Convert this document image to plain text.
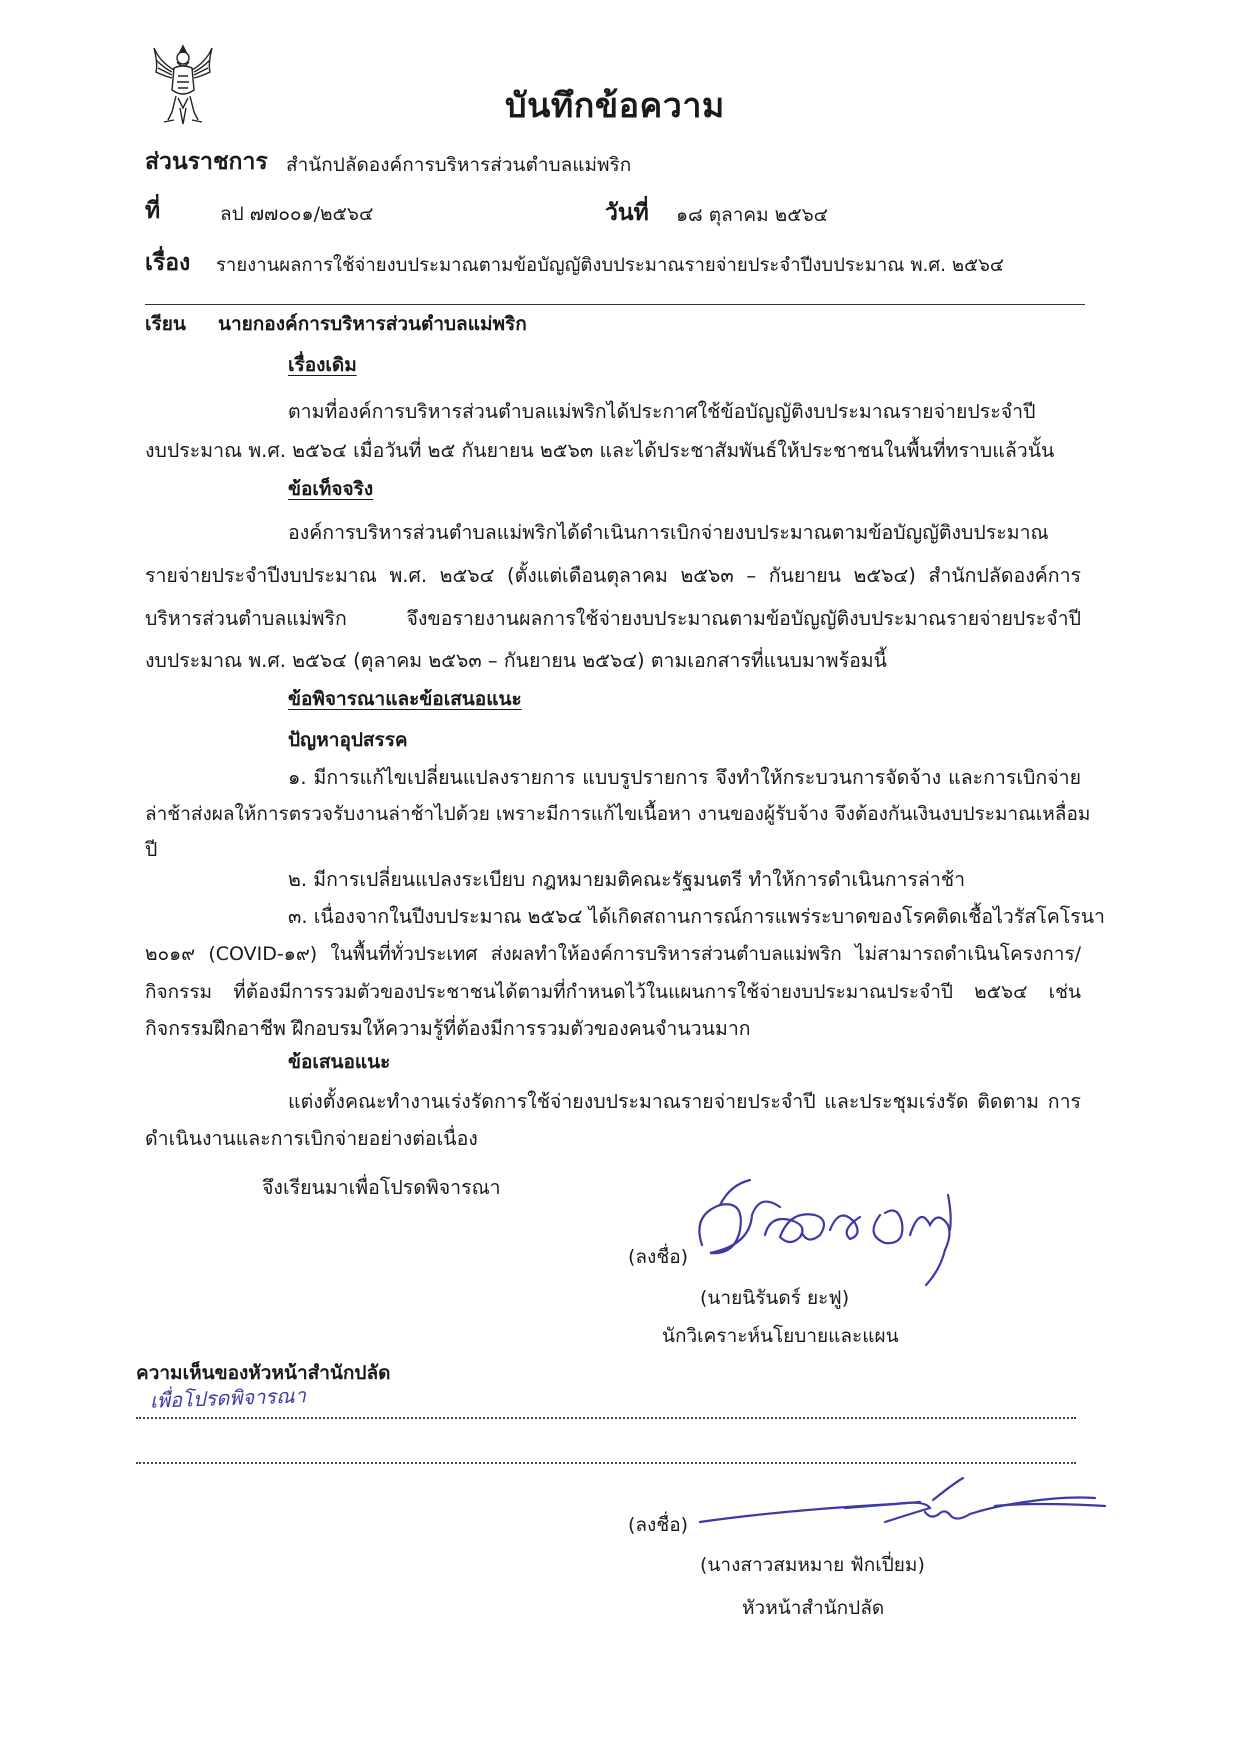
บันทึกข้อความ
ส่วนราชการ สำนักปลัดองค์การบริหารส่วนตำบลแม่พริก
ที่	ลป ๗๗๐๐๑/๒๕๖๔	วันที่ ๑๘ ตุลาคม ๒๕๖๔
เรื่อง รายงานผลการใช้จ่ายงบประมาณตามข้อบัญญัติงบประมาณรายจ่ายประจำปีงบประมาณ พ.ศ. ๒๕๖๔
เรียน นายกองค์การบริหารส่วนตำบลแม่พริก
เรื่องเดิม
ตามที่องค์การบริหารส่วนตำบลแม่พริกได้ประกาศใช้ข้อบัญญัติงบประมาณรายจ่ายประจำปี
งบประมาณ พ.ศ. ๒๕๖๔ เมื่อวันที่ ๒๕ กันยายน ๒๕๖๓ และได้ประชาสัมพันธ์ให้ประชาชนในพื้นที่ทราบแล้วนั้น
ข้อเท็จจริง
องค์การบริหารส่วนตำบลแม่พริกได้ดำเนินการเบิกจ่ายงบประมาณตามข้อบัญญัติงบประมาณ
รายจ่ายประจำปีงบประมาณ พ.ศ. ๒๕๖๔ (ตั้งแต่เดือนตุลาคม ๒๕๖๓ – กันยายน ๒๕๖๔) สำนักปลัดองค์การ
บริหารส่วนตำบลแม่พริก จึงขอรายงานผลการใช้จ่ายงบประมาณตามข้อบัญญัติงบประมาณรายจ่ายประจำปี
งบประมาณ พ.ศ. ๒๕๖๔ (ตุลาคม ๒๕๖๓ – กันยายน ๒๕๖๔) ตามเอกสารที่แนบมาพร้อมนี้
ข้อพิจารณาและข้อเสนอแนะ
ปัญหาอุปสรรค
๑. มีการแก้ไขเปลี่ยนแปลงรายการ แบบรูปรายการ จึงทำให้กระบวนการจัดจ้าง และการเบิกจ่าย
ล่าช้าส่งผลให้การตรวจรับงานล่าช้าไปด้วย เพราะมีการแก้ไขเนื้อหา งานของผู้รับจ้าง จึงต้องกันเงินงบประมาณเหลื่อม
ปี
๒. มีการเปลี่ยนแปลงระเบียบ กฎหมายมติคณะรัฐมนตรี ทำให้การดำเนินการล่าช้า
๓. เนื่องจากในปีงบประมาณ ๒๕๖๔ ได้เกิดสถานการณ์การแพร่ระบาดของโรคติดเชื้อไวรัสโคโรนา
๒๐๑๙ (COVID-๑๙) ในพื้นที่ทั่วประเทศ ส่งผลทำให้องค์การบริหารส่วนตำบลแม่พริก ไม่สามารถดำเนินโครงการ/
กิจกรรม ที่ต้องมีการรวมตัวของประชาชนได้ตามที่กำหนดไว้ในแผนการใช้จ่ายงบประมาณประจำปี ๒๕๖๔ เช่น
กิจกรรมฝึกอาชีพ ฝึกอบรมให้ความรู้ที่ต้องมีการรวมตัวของคนจำนวนมาก
ข้อเสนอแนะ
แต่งตั้งคณะทำงานเร่งรัดการใช้จ่ายงบประมาณรายจ่ายประจำปี และประชุมเร่งรัด ติดตาม การ
ดำเนินงานและการเบิกจ่ายอย่างต่อเนื่อง
จึงเรียนมาเพื่อโปรดพิจารณา
(ลงชื่อ)
(นายนิรันดร์ ยะฟู)
นักวิเคราะห์นโยบายและแผน
ความเห็นของหัวหน้าสำนักปลัด
เพื่อโปรดพิจารณา
(ลงชื่อ)
(นางสาวสมหมาย ฟักเปี่ยม)
หัวหน้าสำนักปลัด
